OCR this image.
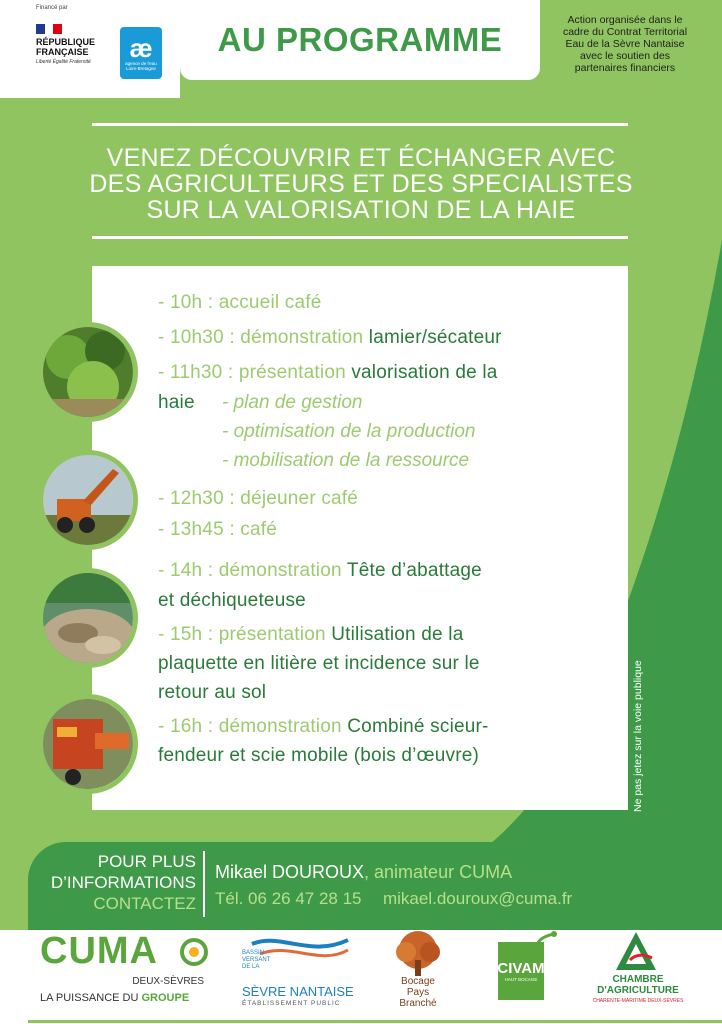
Financé par
RÉPUBLIQUE
FRANÇAISE
Liberté Égalité Fraternité	æ
agence de l'eau Loire-Bretagne
AU PROGRAMME
Action organisée dans le
cadre du Contrat Territorial
Eau de la Sèvre Nantaise
avec le soutien des
partenaires financiers
VENEZ DÉCOUVRIR ET ÉCHANGER AVEC
DES AGRICULTEURS ET DES SPECIALISTES
SUR LA VALORISATION DE LA HAIE
- 10h : accueil café
- 10h30 : démonstration lamier/sécateur
- 11h30 : présentation valorisation de la
haie - plan de gestion
- optimisation de la production
- mobilisation de la ressource
- 12h30 : déjeuner café
- 13h45 : café
- 14h : démonstration Tête d’abattage
et déchiqueteuse
- 15h : présentation Utilisation de la
plaquette en litière et incidence sur le
retour au sol
- 16h : démonstration Combiné scieur-
fendeur et scie mobile (bois d’œuvre)	Ne pas jetez sur la voie publique
POUR PLUS
D’INFORMATIONS
CONTACTEZ
Mikael DOUROUX, animateur CUMA
Tél. 06 26 47 28 15 mikael.douroux@cuma.fr
CUMA
DEUX-SÈVRES
LA PUISSANCE DU GROUPE
BASSIN
VERSANT
DE LA
SÈVRE NANTAISE
ÉTABLISSEMENT PUBLIC
Bocage
Pays
Branché
CIVAM
HAUT BOCAGE	CHAMBRE
D'AGRICULTURE
CHARENTE-MARITIME DEUX-SÈVRES
